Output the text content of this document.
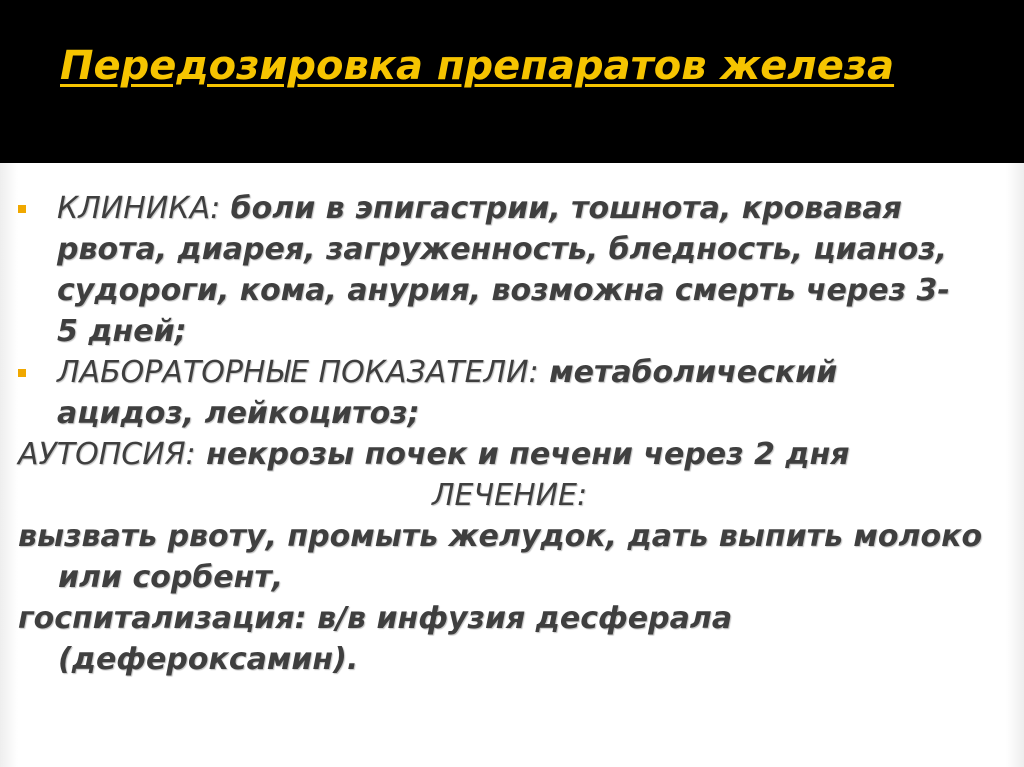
Передозировка препаратов железа
КЛИНИКА: боли в эпигастрии, тошнота, кровавая рвота, диарея, загруженность, бледность, цианоз, судороги, кома, анурия, возможна смерть через 3-5 дней;
ЛАБОРАТОРНЫЕ ПОКАЗАТЕЛИ: метаболический ацидоз, лейкоцитоз;
АУТОПСИЯ: некрозы почек и печени через 2 дня
ЛЕЧЕНИЕ:
вызвать рвоту, промыть желудок, дать выпить молоко или сорбент,
госпитализация: в/в инфузия десферала (дефероксамин).
